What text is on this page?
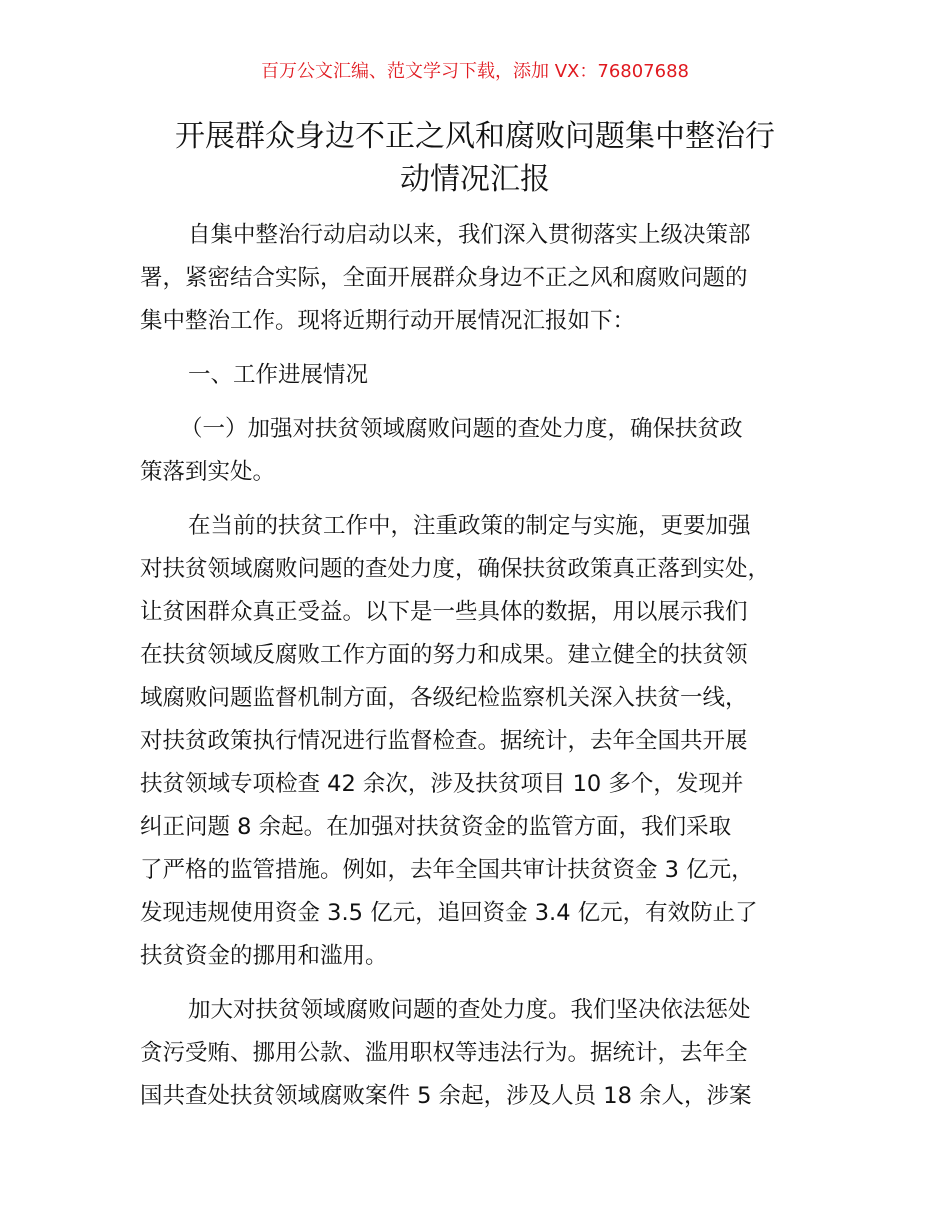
百万公文汇编、范文学习下载，添加 VX：76807688
开展群众身边不正之风和腐败问题集中整治行
动情况汇报
自集中整治行动启动以来，我们深入贯彻落实上级决策部
署，紧密结合实际，全面开展群众身边不正之风和腐败问题的
集中整治工作。现将近期行动开展情况汇报如下：
一、工作进展情况
（一）加强对扶贫领域腐败问题的查处力度，确保扶贫政
策落到实处。
在当前的扶贫工作中，注重政策的制定与实施，更要加强
对扶贫领域腐败问题的查处力度，确保扶贫政策真正落到实处，
让贫困群众真正受益。以下是一些具体的数据，用以展示我们
在扶贫领域反腐败工作方面的努力和成果。建立健全的扶贫领
域腐败问题监督机制方面，各级纪检监察机关深入扶贫一线，
对扶贫政策执行情况进行监督检查。据统计，去年全国共开展
扶贫领域专项检查 42 余次，涉及扶贫项目 10 多个，发现并
纠正问题 8 余起。在加强对扶贫资金的监管方面，我们采取
了严格的监管措施。例如，去年全国共审计扶贫资金 3 亿元，
发现违规使用资金 3.5 亿元，追回资金 3.4 亿元，有效防止了
扶贫资金的挪用和滥用。
加大对扶贫领域腐败问题的查处力度。我们坚决依法惩处
贪污受贿、挪用公款、滥用职权等违法行为。据统计，去年全
国共查处扶贫领域腐败案件 5 余起，涉及人员 18 余人，涉案
